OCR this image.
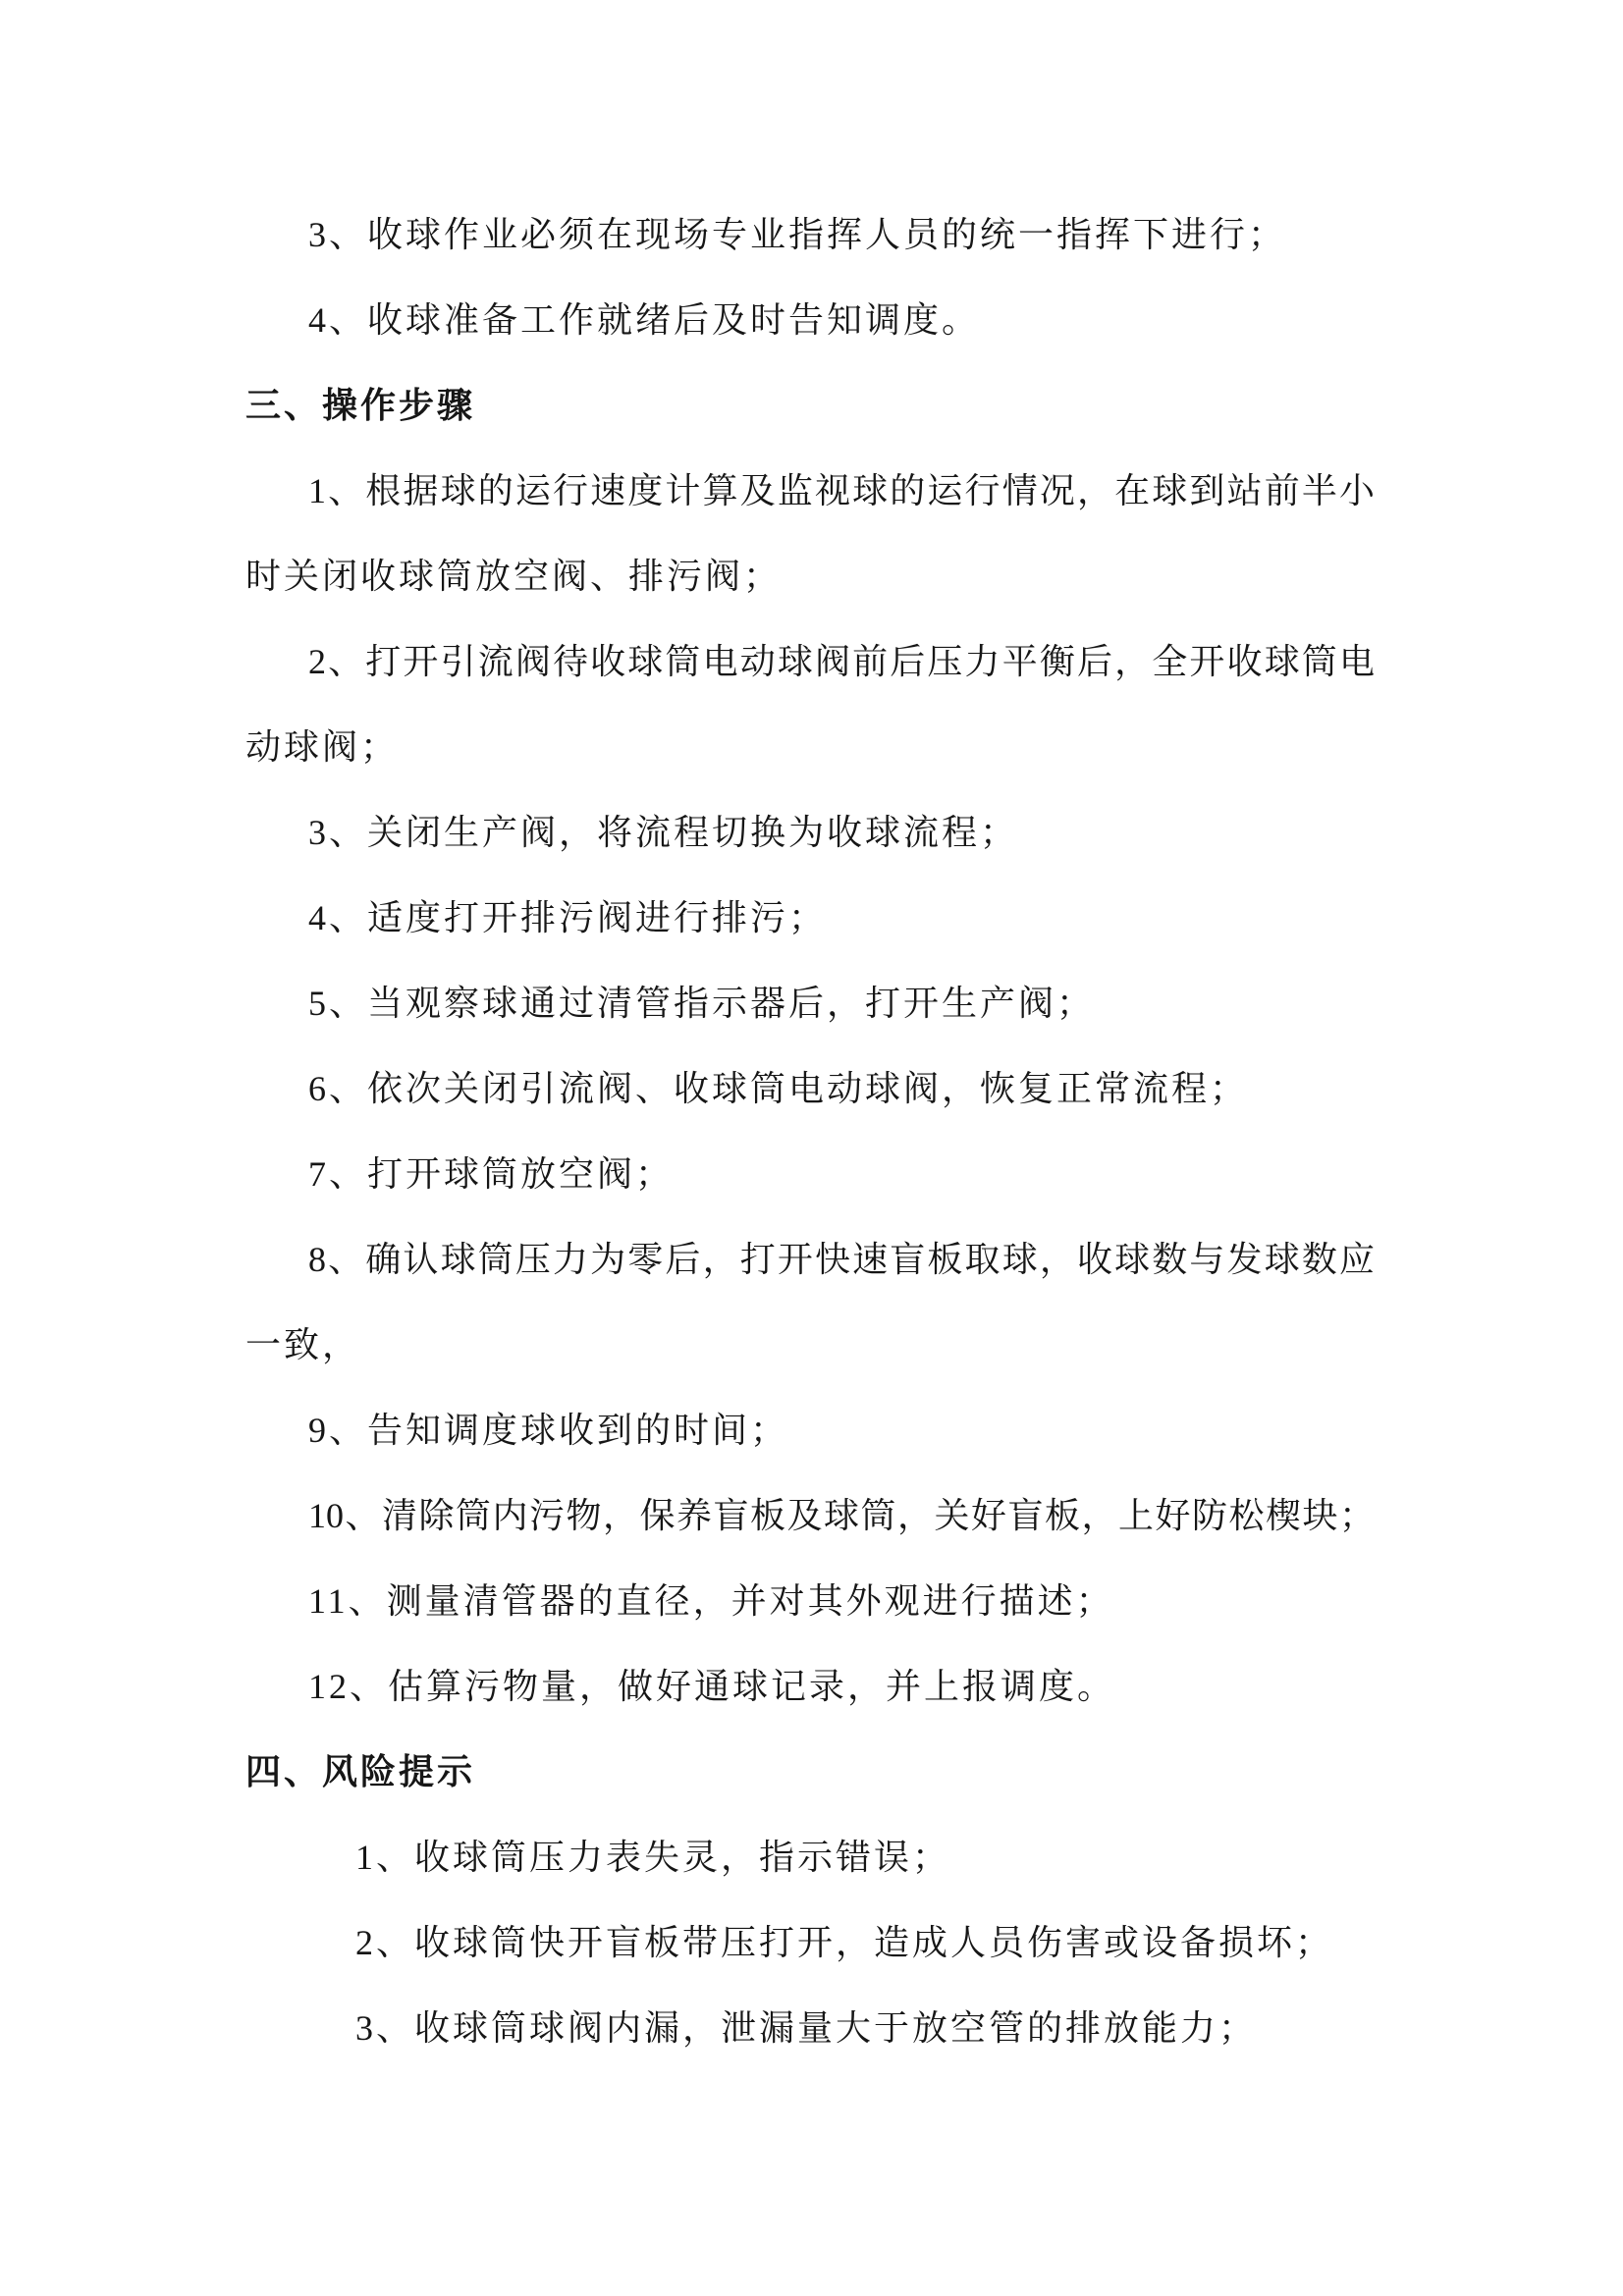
3、收球作业必须在现场专业指挥人员的统一指挥下进行；

4、收球准备工作就绪后及时告知调度。

三、操作步骤

1、根据球的运行速度计算及监视球的运行情况，在球到站前半小

时关闭收球筒放空阀、排污阀；

2、打开引流阀待收球筒电动球阀前后压力平衡后，全开收球筒电

动球阀；

3、关闭生产阀，将流程切换为收球流程；

4、适度打开排污阀进行排污；

5、当观察球通过清管指示器后，打开生产阀；

6、依次关闭引流阀、收球筒电动球阀，恢复正常流程；

7、打开球筒放空阀；

8、确认球筒压力为零后，打开快速盲板取球，收球数与发球数应

一致，

9、告知调度球收到的时间；

10、清除筒内污物，保养盲板及球筒，关好盲板，上好防松楔块；

11、测量清管器的直径，并对其外观进行描述；

12、估算污物量，做好通球记录，并上报调度。

四、风险提示

1、收球筒压力表失灵，指示错误；

2、收球筒快开盲板带压打开，造成人员伤害或设备损坏；

3、收球筒球阀内漏，泄漏量大于放空管的排放能力；
